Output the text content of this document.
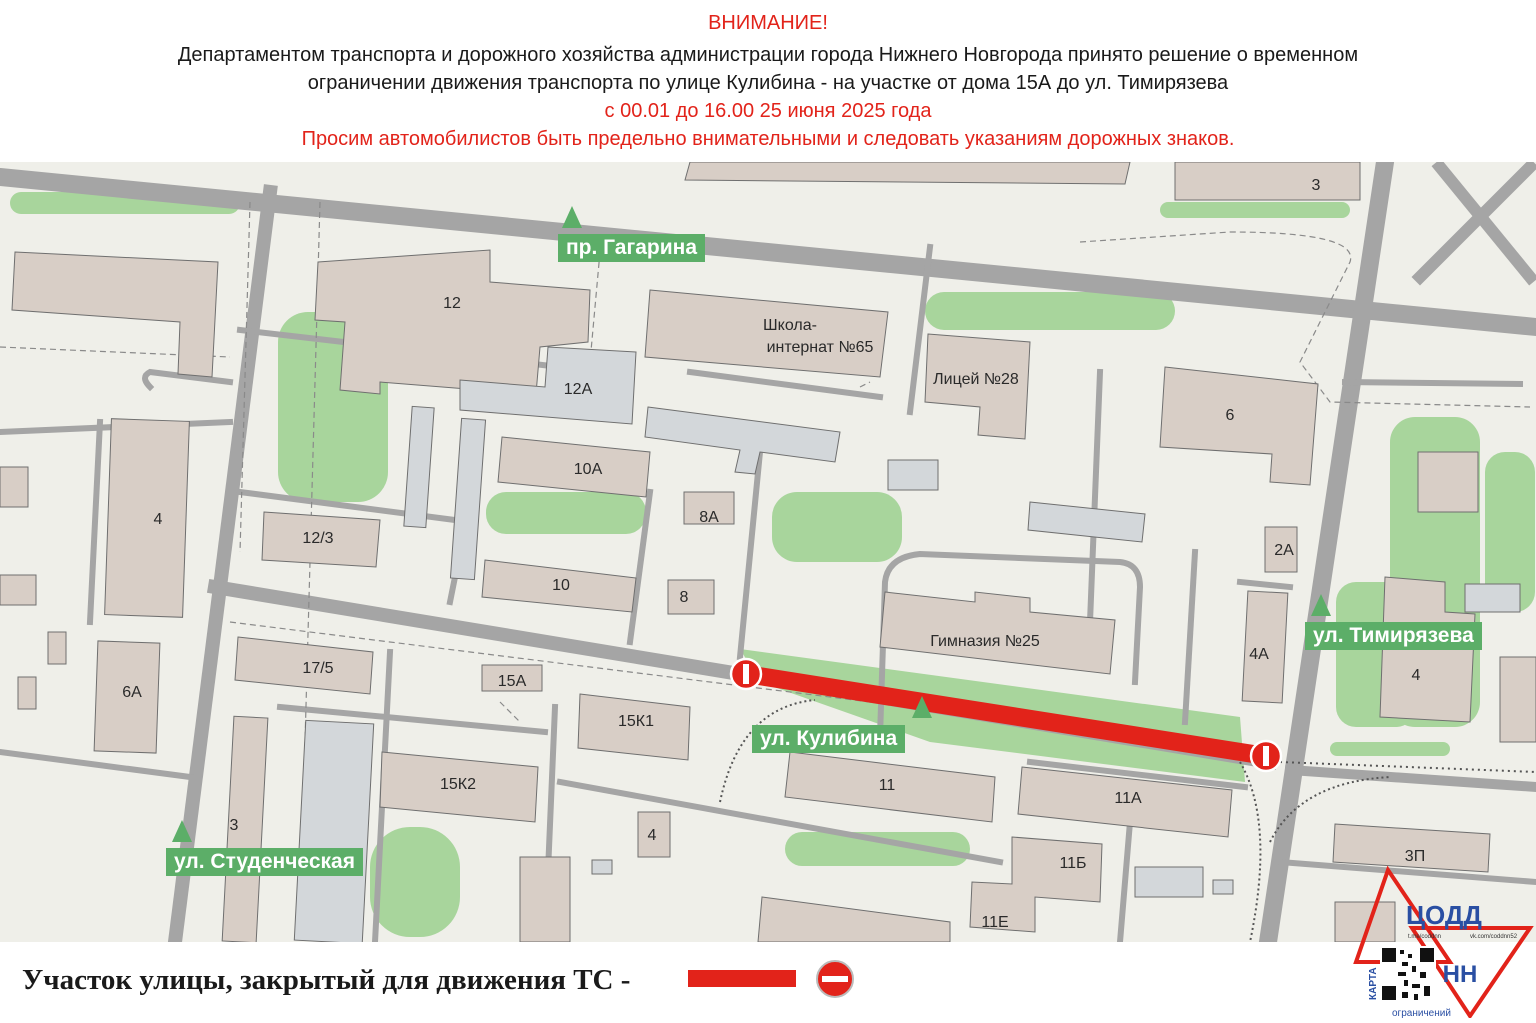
ВНИМАНИЕ!
Департаментом транспорта и дорожного хозяйства администрации города Нижнего Новгорода принято решение о временном
ограничении движения транспорта по улице Кулибина - на участке от дома 15А до ул. Тимирязева
с 00.01 до 16.00 25 июня 2025 года
Просим автомобилистов быть предельно внимательными и следовать указаниям дорожных знаков.
3
12
12А
Школа-
интернат №65
Лицей №28
6
4
10А
8А
12/3
10
8
2А
Гимназия №25
4А
4
6А
17/5
15А
15К1
15К2	11
11А
3
4
11Б
11Е
3П
пр. Гагарина
ул. Тимирязева
ул. Кулибина
ул. Студенческая
Участок улицы, закрытый для движения ТС -
ЦОДД
t.me/coddnn	vk.com/coddnn52
КАРТА	НН
ограничений
